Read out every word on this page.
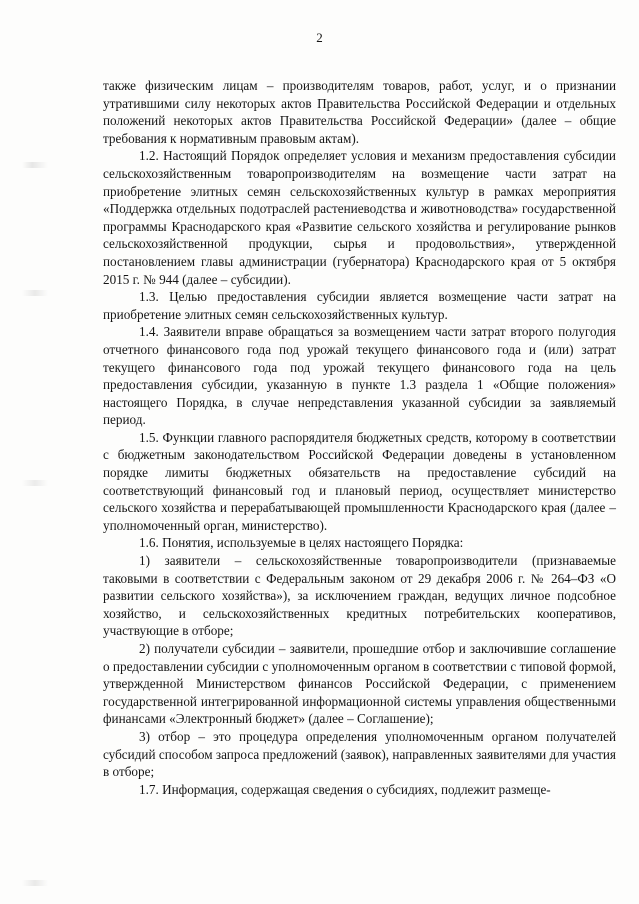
2

также физическим лицам – производителям товаров, работ, услуг, и о признании утратившими силу некоторых актов Правительства Российской Федерации и отдельных положений некоторых актов Правительства Российской Федерации» (далее – общие требования к нормативным правовым актам).

1.2. Настоящий Порядок определяет условия и механизм предоставления субсидии сельскохозяйственным товаропроизводителям на возмещение части затрат на приобретение элитных семян сельскохозяйственных культур в рамках мероприятия «Поддержка отдельных подотраслей растениеводства и животноводства» государственной программы Краснодарского края «Развитие сельского хозяйства и регулирование рынков сельскохозяйственной продукции, сырья и продовольствия», утвержденной постановлением главы администрации (губернатора) Краснодарского края от 5 октября 2015 г. № 944 (далее – субсидии).

1.3. Целью предоставления субсидии является возмещение части затрат на приобретение элитных семян сельскохозяйственных культур.

1.4. Заявители вправе обращаться за возмещением части затрат второго полугодия отчетного финансового года под урожай текущего финансового года и (или) затрат текущего финансового года под урожай текущего финансового года на цель предоставления субсидии, указанную в пункте 1.3 раздела 1 «Общие положения» настоящего Порядка, в случае непредставления указанной субсидии за заявляемый период.

1.5. Функции главного распорядителя бюджетных средств, которому в соответствии с бюджетным законодательством Российской Федерации доведены в установленном порядке лимиты бюджетных обязательств на предоставление субсидий на соответствующий финансовый год и плановый период, осуществляет министерство сельского хозяйства и перерабатывающей промышленности Краснодарского края (далее – уполномоченный орган, министерство).

1.6. Понятия, используемые в целях настоящего Порядка:

1) заявители – сельскохозяйственные товаропроизводители (признаваемые таковыми в соответствии с Федеральным законом от 29 декабря 2006 г. № 264–ФЗ «О развитии сельского хозяйства»), за исключением граждан, ведущих личное подсобное хозяйство, и сельскохозяйственных кредитных потребительских кооперативов, участвующие в отборе;

2) получатели субсидии – заявители, прошедшие отбор и заключившие соглашение о предоставлении субсидии с уполномоченным органом в соответствии с типовой формой, утвержденной Министерством финансов Российской Федерации, с применением государственной интегрированной информационной системы управления общественными финансами «Электронный бюджет» (далее – Соглашение);

3) отбор – это процедура определения уполномоченным органом получателей субсидий способом запроса предложений (заявок), направленных заявителями для участия в отборе;

1.7. Информация, содержащая сведения о субсидиях, подлежит размеще-
